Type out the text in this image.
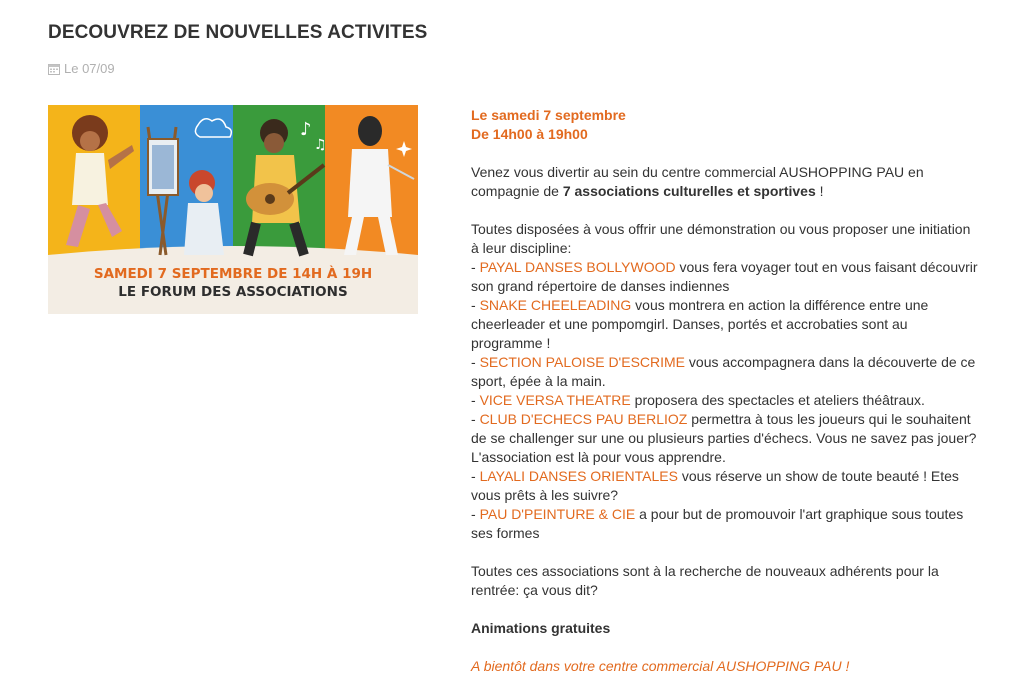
DECOUVREZ DE NOUVELLES ACTIVITES
Le 07/09
♪
♫
SAMEDI 7 SEPTEMBRE DE 14H À 19H
LE FORUM DES ASSOCIATIONS

Le samedi 7 septembre

De 14h00 à 19h00

Venez vous divertir au sein du centre commercial AUSHOPPING PAU en compagnie de 7 associations culturelles et sportives !

Toutes disposées à vous offrir une démonstration ou vous proposer une initiation à leur discipline:

- PAYAL DANSES BOLLYWOOD vous fera voyager tout en vous faisant découvrir son grand répertoire de danses indiennes

- SNAKE CHEELEADING vous montrera en action la différence entre une cheerleader et une pompomgirl. Danses, portés et accrobaties sont au programme !

- SECTION PALOISE D'ESCRIME vous accompagnera dans la découverte de ce sport, épée à la main.

- VICE VERSA THEATRE proposera des spectacles et ateliers théâtraux.

- CLUB D'ECHECS PAU BERLIOZ permettra à tous les joueurs qui le souhaitent de se challenger sur une ou plusieurs parties d'échecs. Vous ne savez pas jouer? L'association est là pour vous apprendre.

- LAYALI DANSES ORIENTALES vous réserve un show de toute beauté ! Etes vous prêts à les suivre?

- PAU D'PEINTURE & CIE a pour but de promouvoir l'art graphique sous toutes ses formes

Toutes ces associations sont à la recherche de nouveaux adhérents pour la rentrée: ça vous dit?

Animations gratuites

A bientôt dans votre centre commercial AUSHOPPING PAU !
